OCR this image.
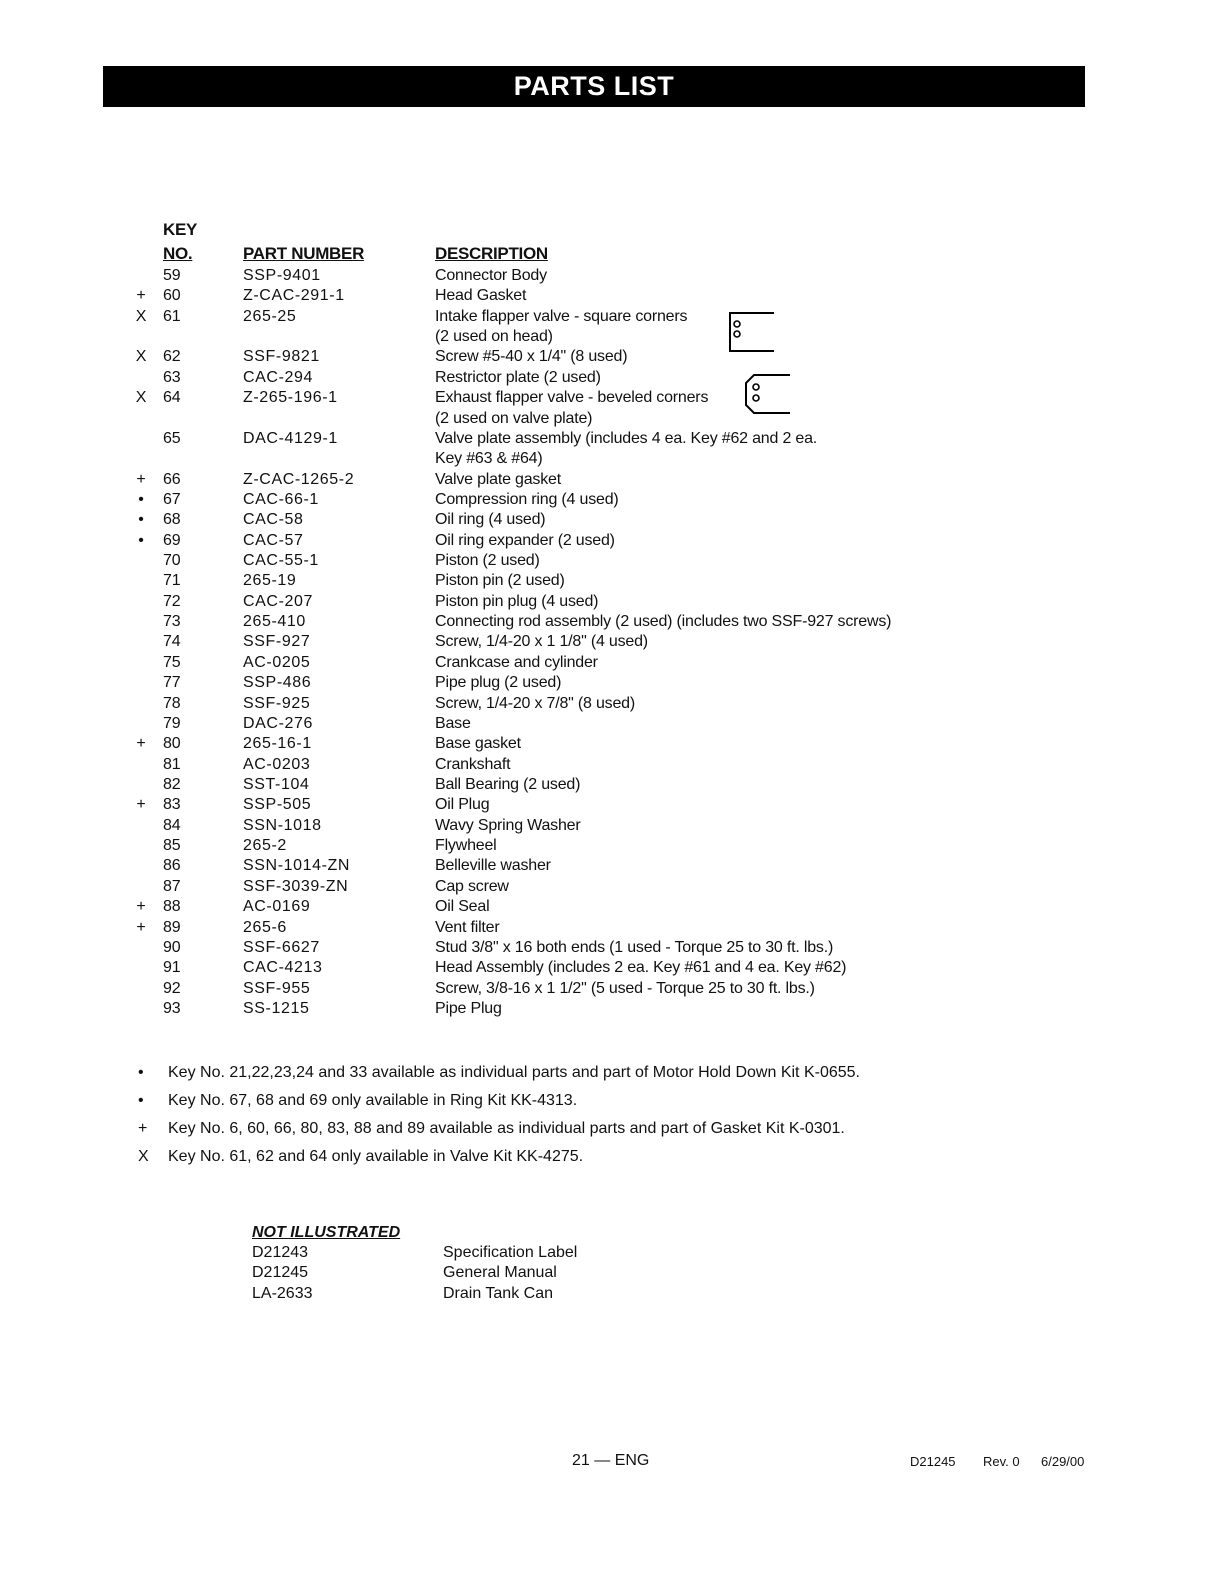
PARTS LIST
KEY
NO.	PART NUMBER	DESCRIPTION
59	SSP-9401	Connector Body
+ 60	Z-CAC-291-1	Head Gasket
X 61	265-25	Intake flapper valve - square corners
(2 used on head)
X 62	SSF-9821	Screw #5-40 x 1/4" (8 used)
63	CAC-294	Restrictor plate (2 used)
X 64	Z-265-196-1	Exhaust flapper valve - beveled corners
(2 used on valve plate)
65	DAC-4129-1	Valve plate assembly (includes 4 ea. Key #62 and 2 ea.
Key #63 & #64)
+ 66	Z-CAC-1265-2	Valve plate gasket
• 67	CAC-66-1	Compression ring (4 used)
• 68	CAC-58	Oil ring (4 used)
• 69	CAC-57	Oil ring expander (2 used)
70	CAC-55-1	Piston (2 used)
71	265-19	Piston pin (2 used)
72	CAC-207	Piston pin plug (4 used)
73	265-410	Connecting rod assembly (2 used) (includes two SSF-927 screws)
74	SSF-927	Screw, 1/4-20 x 1 1/8" (4 used)
75	AC-0205	Crankcase and cylinder
77	SSP-486	Pipe plug (2 used)
78	SSF-925	Screw, 1/4-20 x 7/8" (8 used)
79	DAC-276	Base
+ 80	265-16-1	Base gasket
81	AC-0203	Crankshaft
82	SST-104	Ball Bearing (2 used)
+ 83	SSP-505	Oil Plug
84	SSN-1018	Wavy Spring Washer
85	265-2	Flywheel
86	SSN-1014-ZN	Belleville washer
87	SSF-3039-ZN	Cap screw
+ 88	AC-0169	Oil Seal
+ 89	265-6	Vent filter
90	SSF-6627	Stud 3/8" x 16 both ends (1 used - Torque 25 to 30 ft. lbs.)
91	CAC-4213	Head Assembly (includes 2 ea. Key #61 and 4 ea. Key #62)
92	SSF-955	Screw, 3/8-16 x 1 1/2" (5 used - Torque 25 to 30 ft. lbs.)
93	SS-1215	Pipe Plug
• Key No. 21,22,23,24 and 33 available as individual parts and part of Motor Hold Down Kit K-0655.
• Key No. 67, 68 and 69 only available in Ring Kit KK-4313.
+ Key No. 6, 60, 66, 80, 83, 88 and 89 available as individual parts and part of Gasket Kit K-0301.
X Key No. 61, 62 and 64 only available in Valve Kit KK-4275.
NOT ILLUSTRATED
D21243	Specification Label
D21245	General Manual
LA-2633	Drain Tank Can
21 — ENG	D21245 Rev. 0 6/29/00
